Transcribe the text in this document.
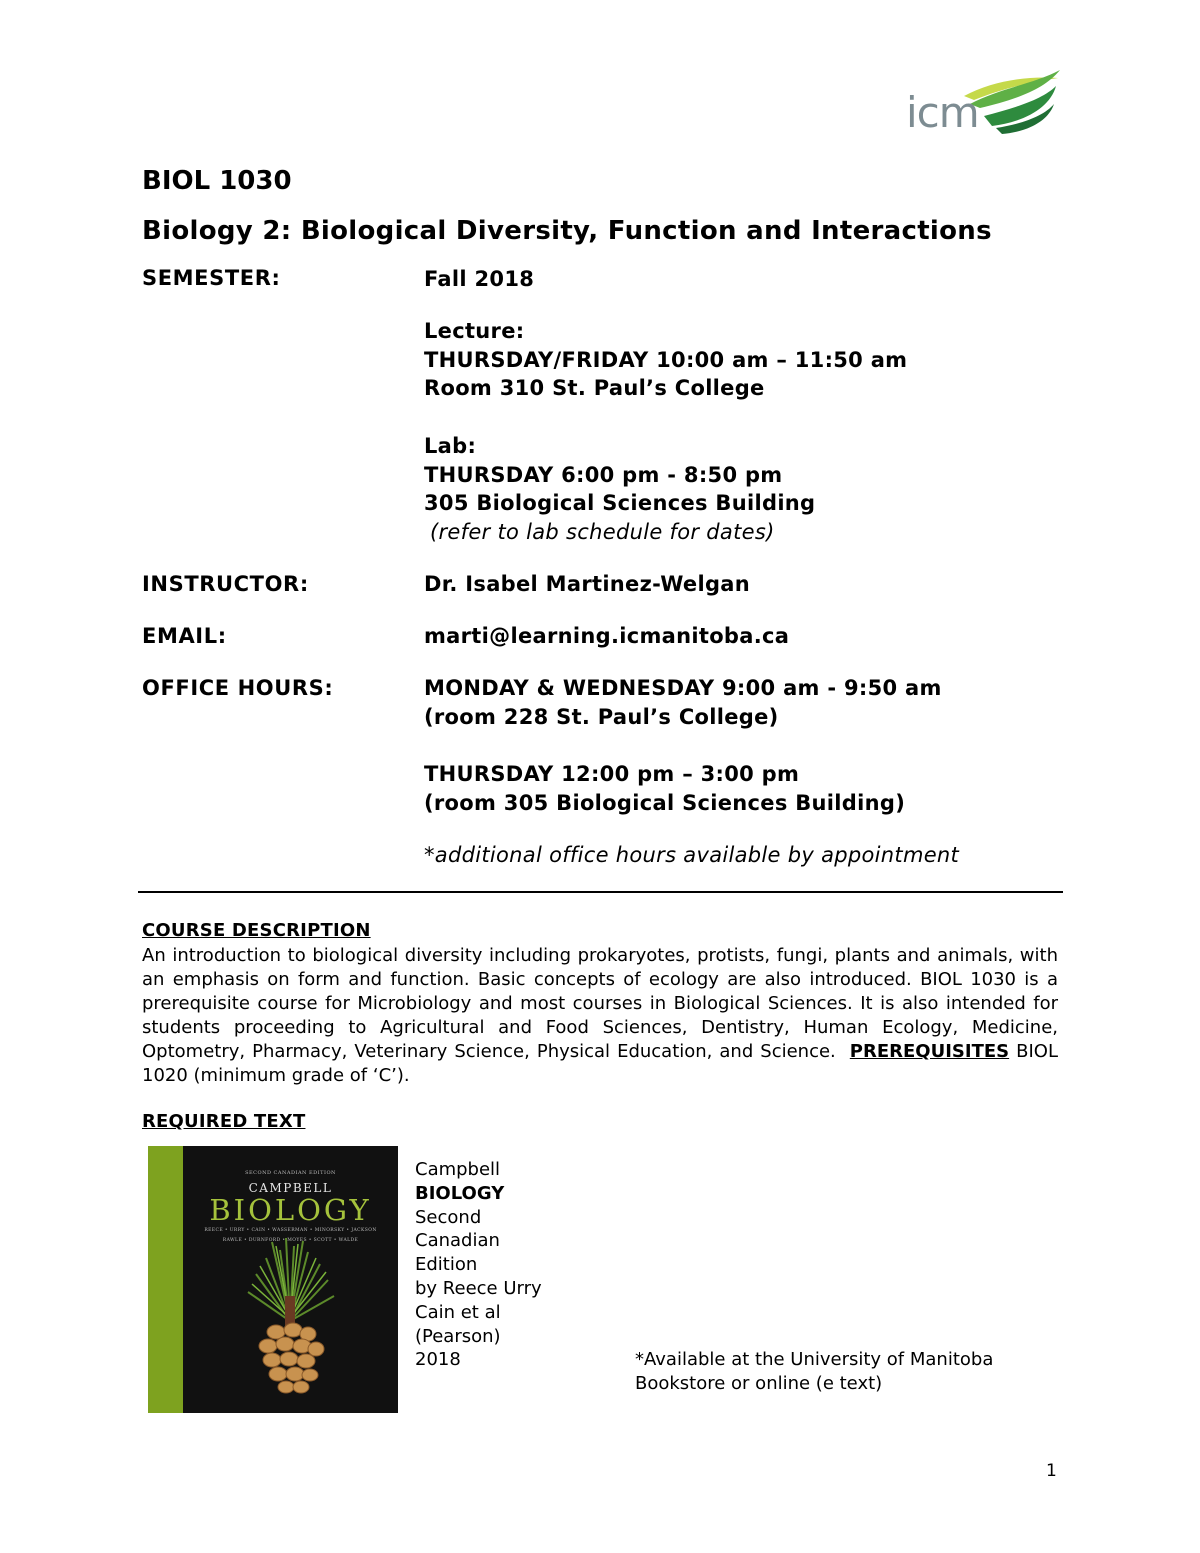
icm
BIOL 1030
Biology 2: Biological Diversity, Function and Interactions
SEMESTER:	Fall 2018
Lecture:
THURSDAY/FRIDAY 10:00 am – 11:50 am
Room 310 St. Paul’s College
Lab:
THURSDAY 6:00 pm - 8:50 pm
305 Biological Sciences Building
(refer to lab schedule for dates)
INSTRUCTOR:	Dr. Isabel Martinez-Welgan
EMAIL:	marti@learning.icmanitoba.ca
OFFICE HOURS:	MONDAY & WEDNESDAY 9:00 am - 9:50 am
(room 228 St. Paul’s College)
THURSDAY 12:00 pm – 3:00 pm
(room 305 Biological Sciences Building)
*additional office hours available by appointment
COURSE DESCRIPTION

An introduction to biological diversity including prokaryotes, protists, fungi, plants and animals, with an emphasis on form and function. Basic concepts of ecology are also introduced. BIOL 1030 is a prerequisite course for Microbiology and most courses in Biological Sciences. It is also intended for students proceeding to Agricultural and Food Sciences, Dentistry, Human Ecology, Medicine, Optometry, Pharmacy, Veterinary Science, Physical Education, and Science. PREREQUISITES BIOL 1020 (minimum grade of ‘C’).

REQUIRED TEXT
SECOND CANADIAN EDITION
CAMPBELL
BIOLOGY
REECE • URRY • CAIN • WASSERMAN • MINORSKY • JACKSON
RAWLE • DURNFORD • MOYES • SCOTT • WALDE
Campbell
BIOLOGY
Second
Canadian
Edition
by Reece Urry
Cain et al
(Pearson)
2018	*Available at the University of Manitoba
Bookstore or online (e text)
1
